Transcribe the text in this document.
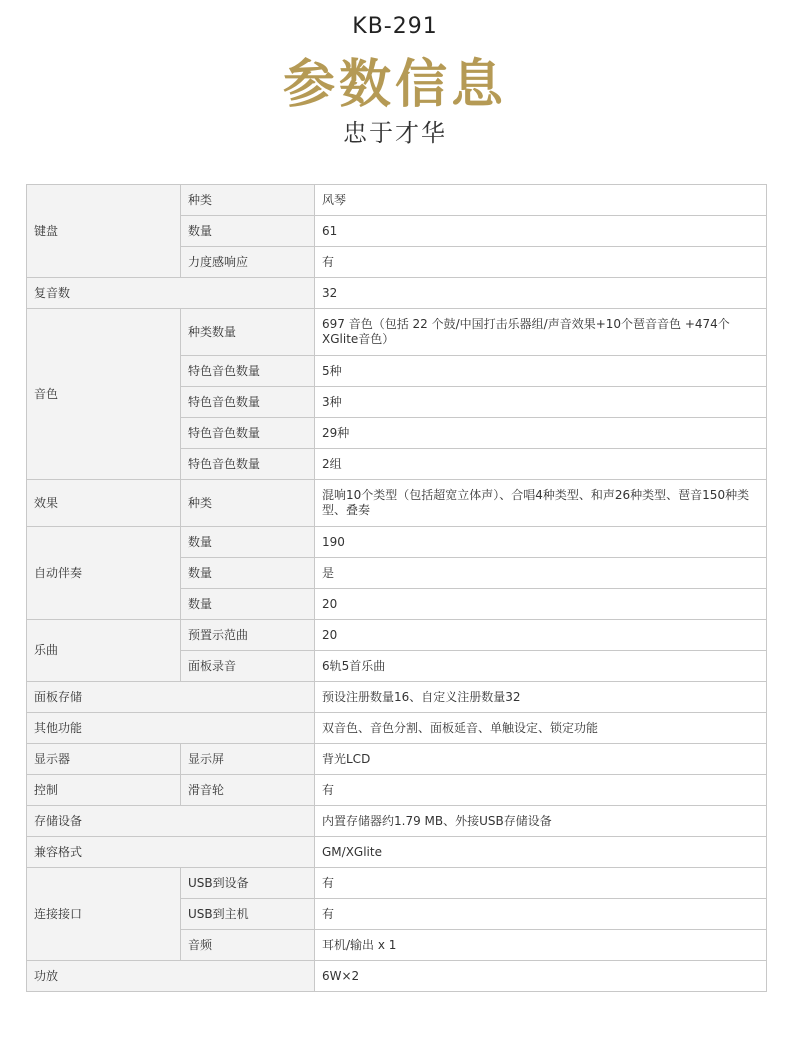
KB-291
参数信息
忠于才华
键盘	种类	风琴
	数量	61
	力度感响应	有
复音数		32
音色	种类数量	697 音色（包括 22 个鼓/中国打击乐器组/声音效果+10个琶音音色 +474个XGlite音色）
	特色音色数量	5种
	特色音色数量	3种
	特色音色数量	29种
	特色音色数量	2组
效果	种类	混响10个类型（包括超宽立体声）、合唱4种类型、和声26种类型、琶音150种类型、叠奏
自动伴奏	数量	190
	数量	是
	数量	20
乐曲	预置示范曲	20
	面板录音	6轨5首乐曲
面板存储		预设注册数量16、自定义注册数量32
其他功能		双音色、音色分割、面板延音、单触设定、锁定功能
显示器	显示屏	背光LCD
控制	滑音轮	有
存储设备		内置存储器约1.79 MB、外接USB存储设备
兼容格式		GM/XGlite
连接接口	USB到设备	有
	USB到主机	有
	音频	耳机/输出 x 1
功放		6W×2
